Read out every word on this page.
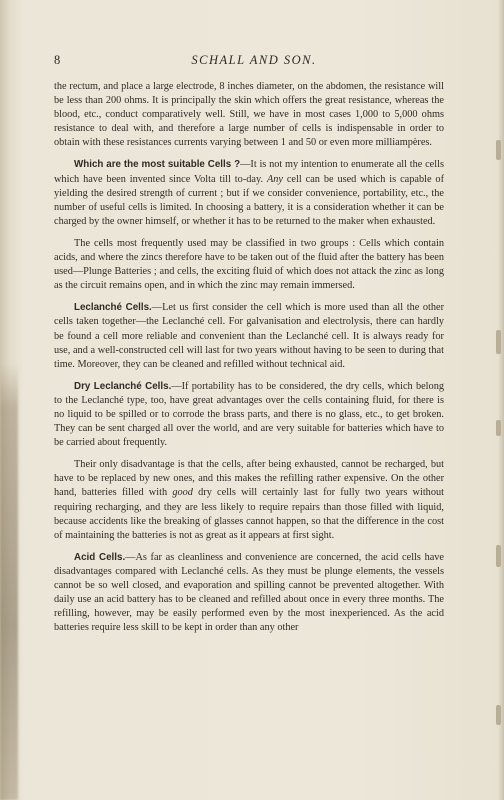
8	SCHALL AND SON.

the rectum, and place a large electrode, 8 inches diameter, on the abdomen, the resistance will be less than 200 ohms. It is principally the skin which offers the great resistance, whereas the blood, etc., conduct comparatively well. Still, we have in most cases 1,000 to 5,000 ohms resistance to deal with, and therefore a large number of cells is indispensable in order to obtain with these resistances currents varying between 1 and 50 or even more milliampères.

Which are the most suitable Cells ?—It is not my intention to enumerate all the cells which have been invented since Volta till to-day. Any cell can be used which is capable of yielding the desired strength of current ; but if we consider convenience, portability, etc., the number of useful cells is limited. In choosing a battery, it is a consideration whether it can be charged by the owner himself, or whether it has to be returned to the maker when exhausted.

The cells most frequently used may be classified in two groups : Cells which contain acids, and where the zincs therefore have to be taken out of the fluid after the battery has been used—Plunge Batteries ; and cells, the exciting fluid of which does not attack the zinc as long as the circuit remains open, and in which the zinc may remain immersed.

Leclanché Cells.—Let us first consider the cell which is more used than all the other cells taken together—the Leclanché cell. For galvanisation and electrolysis, there can hardly be found a cell more reliable and convenient than the Leclanché cell. It is always ready for use, and a well-constructed cell will last for two years without having to be seen to during that time. Moreover, they can be cleaned and refilled without technical aid.

Dry Leclanché Cells.—If portability has to be considered, the dry cells, which belong to the Leclanché type, too, have great advantages over the cells containing fluid, for there is no liquid to be spilled or to corrode the brass parts, and there is no glass, etc., to get broken. They can be sent charged all over the world, and are very suitable for batteries which have to be carried about frequently.

Their only disadvantage is that the cells, after being exhausted, cannot be recharged, but have to be replaced by new ones, and this makes the refilling rather expensive. On the other hand, batteries filled with good dry cells will certainly last for fully two years without requiring recharging, and they are less likely to require repairs than those filled with liquid, because accidents like the breaking of glasses cannot happen, so that the difference in the cost of maintaining the batteries is not as great as it appears at first sight.

Acid Cells.—As far as cleanliness and convenience are concerned, the acid cells have disadvantages compared with Leclanché cells. As they must be plunge elements, the vessels cannot be so well closed, and evaporation and spilling cannot be prevented altogether. With daily use an acid battery has to be cleaned and refilled about once in every three months. The refilling, however, may be easily performed even by the most inexperienced. As the acid batteries require less skill to be kept in order than any other
